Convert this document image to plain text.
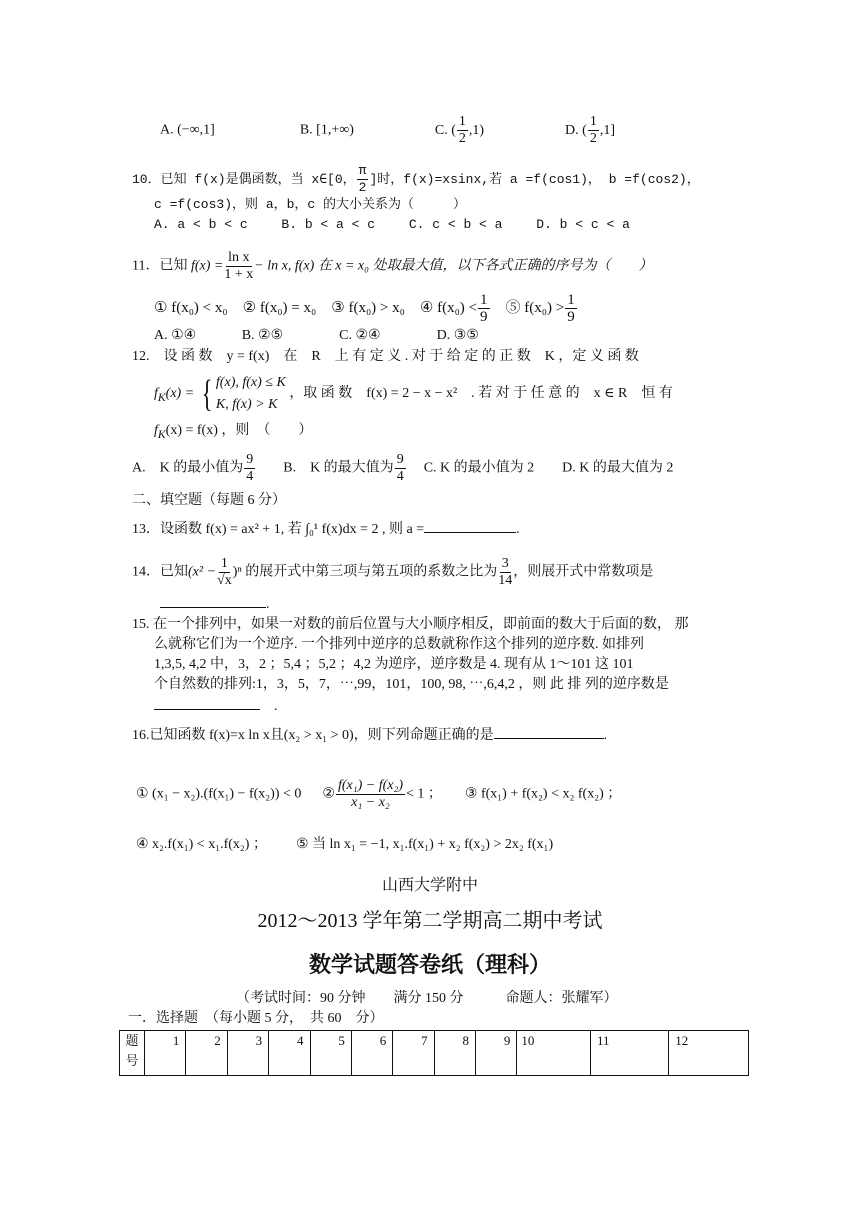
A. (−∞,1]	B. [1,+∞)	C. ( $\frac{1}{2} ,1$)	D. ( $\frac{1}{2} ,1$]
10．已知 f(x)是偶函数，当 x∈[0， $\frac{\pi}{2}$ ]时，f(x)=xsinx,若 a =f(cos1)， b =f(cos2)，
c =f(cos3)，则 a，b，c 的大小关系为（　　　）
A. a < b < c　　 B. b < a < c　　 C. c < b < a　　 D. b < c < a
11．已知 $f(x) = \frac{\text{ln x}}{1 + x} - \ln x$, f(x) 在 x = x₀ 处取最大值，以下各式正确的序号为（　　）
① f(x₀) < x₀　 ② f(x₀) = x₀　 ③ f(x₀) > x₀　 ④ $f(x_0) < \frac{1}{9}$
　 ⑤ $f(x_0) > \frac{1}{9}$
A. ①④　　　 B. ②⑤　　　　C. ②④　　　　D. ③⑤
12.　设 函 数　y = f(x)　在　R　上 有 定 义 . 对 于 给 定 的 正 数　K ，定 义 函 数
$f_K(x)$ = { f(x), f(x) ≤ K
K, f(x) > K
，取 函 数　f(x) = 2 − x − x²　. 若 对 于 任 意 的　x ∈ R　恒 有
$f_K(x) = f(x)$ ，则　（　　）
A.　K 的最小值为 $\frac{9}{4} B$.　K 的最大值为 $\frac{9}{4} C$. K 的最小值为 2　　D. K 的最大值为 2
二、填空题（每题 6 分）
13．设函数 f(x) = ax² + 1, 若 ∫₀¹ f(x)dx = 2 , 则 a =	.
14．已知$(x^2 - \frac{1}{√x} )^n$ 的展开式中第三项与第五项的系数之比为 $\frac{3}{14}$ ，则展开式中常数项是
.
15. 在一个排列中，如果一对数的前后位置与大小顺序相反，即前面的数大于后面的数， 那
么就称它们为一个逆序. 一个排列中逆序的总数就称作这个排列的逆序数. 如排列
1,3,5, 4,2 中，3，2 ；5,4 ；5,2 ；4,2 为逆序，逆序数是 4. 现有从 1～101 这 101
个自然数的排列:1，3，5，7，⋯,99，101，100, 98, ⋯,6,4,2 ，则 此 排 列的逆序数是
　.
16.已知函数 f(x)=x ln x且(x₂ > x₁ > 0)，则下列命题正确的是	.
① (x₁ − x₂).(f(x₁) − f(x₂)) < 0 ② $\frac{\text{f(x₁) − f(x₂)}}{\text{x₁ − x₂}} < 1$ ； ③ f(x₁) + f(x₂) < x₂ f(x₂) ；
④ x₂.f(x₁) < x₁.f(x₂) ； ⑤ 当 ln x₁ = −1, x₁.f(x₁) + x₂ f(x₂) > 2x₂ f(x₁)
山西大学附中
2012～2013 学年第二学期高二期中考试
数学试题答卷纸（理科）
（考试时间：90 分钟　　满分 150 分　　　命题人：张耀军）
一．选择题　（每小题 5 分，　共 60　分）
题号	1	2	3	4	5	6	7	8	9	10	11	12
